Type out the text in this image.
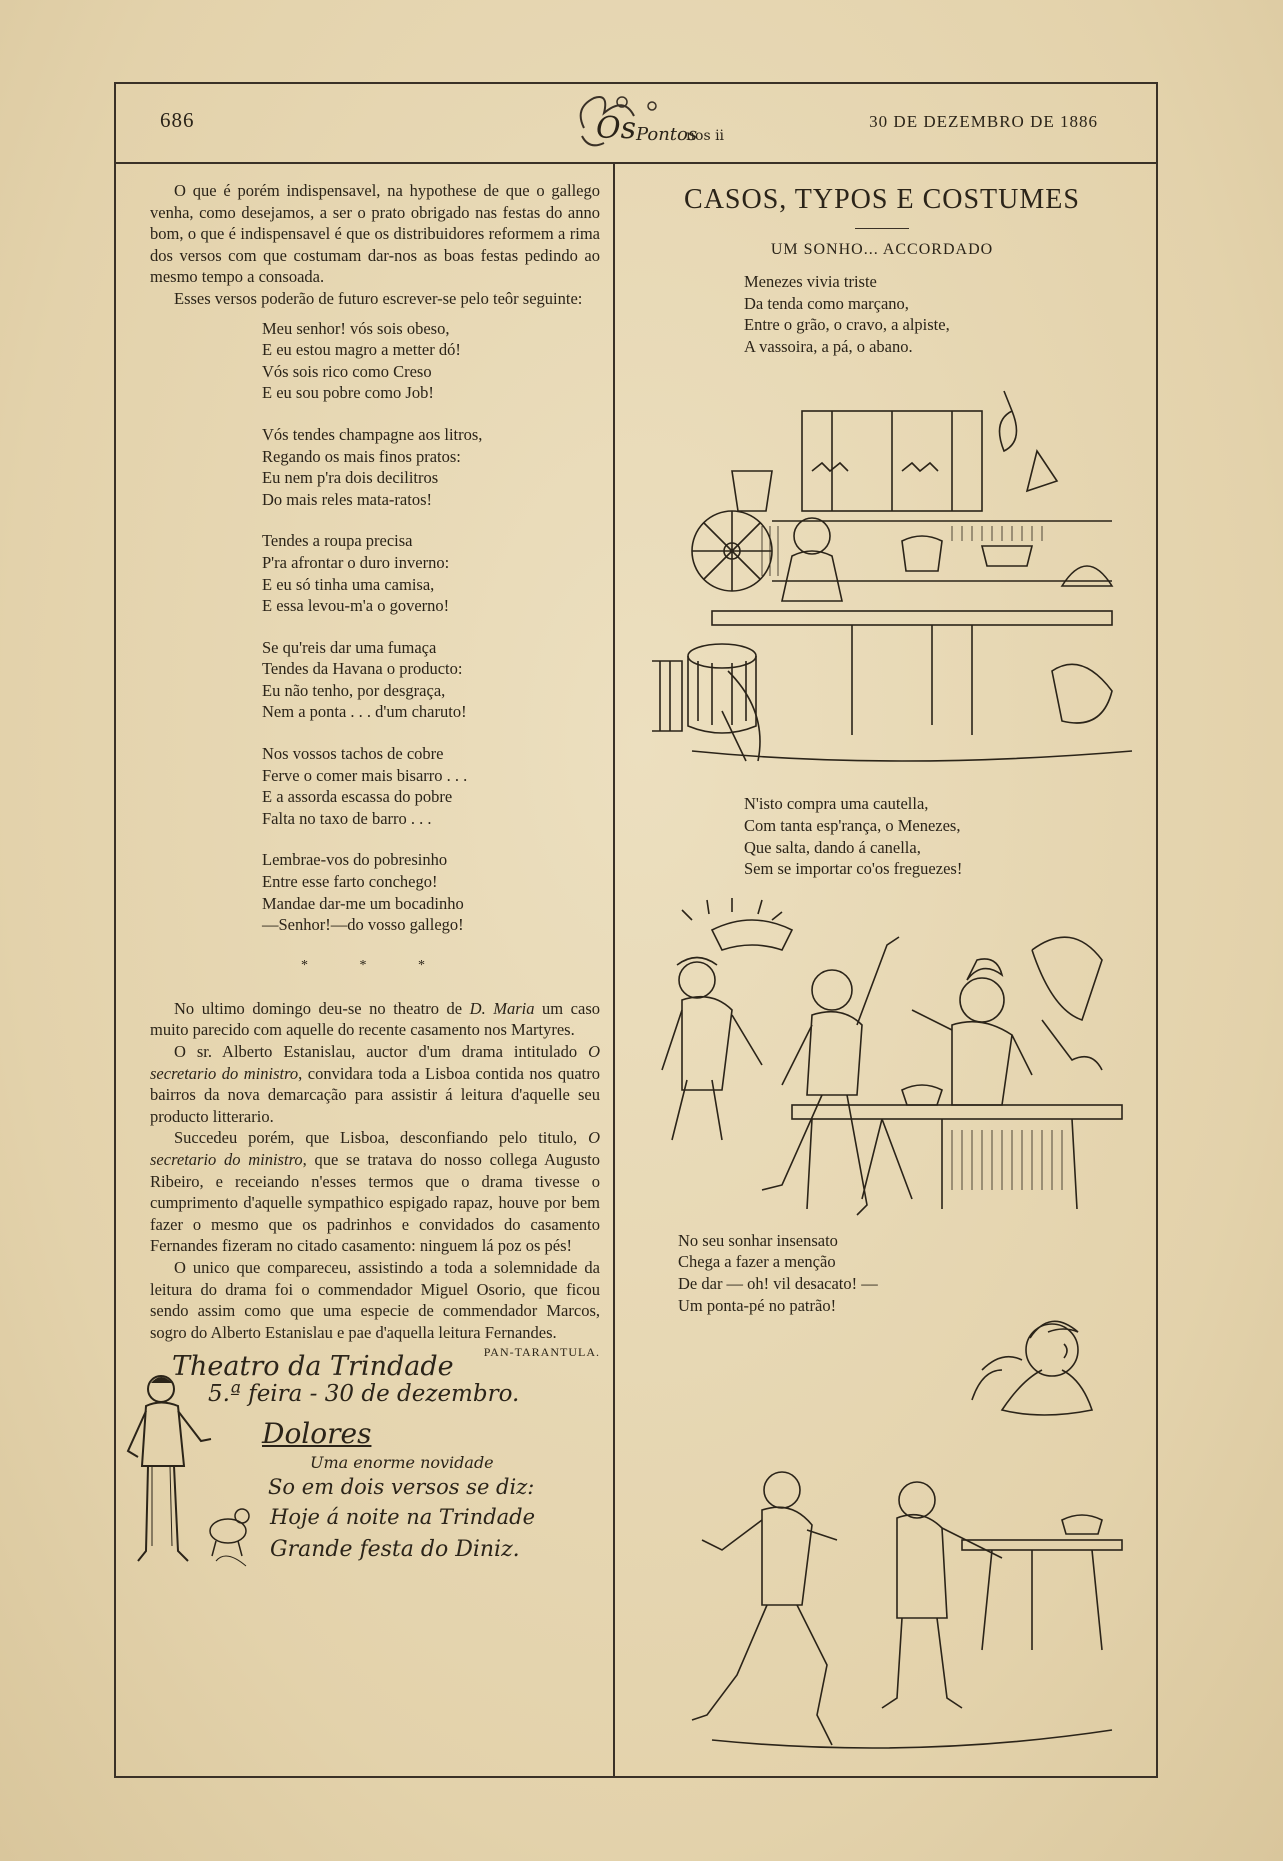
686	Os Pontos
nos ii
30 DE DEZEMBRO DE 1886

O que é porém indispensavel, na hypothese de que o gallego venha, como desejamos, a ser o prato obrigado nas festas do anno bom, o que é indispensavel é que os distribuidores reformem a rima dos versos com que costumam dar-nos as boas festas pedindo ao mesmo tempo a consoada.

Esses versos poderão de futuro escrever-se pelo teôr seguinte:

Meu senhor! vós sois obeso,
E eu estou magro a metter dó!
Vós sois rico como Creso
E eu sou pobre como Job!
Vós tendes champagne aos litros,
Regando os mais finos pratos:
Eu nem p'ra dois decilitros
Do mais reles mata-ratos!
Tendes a roupa precisa
P'ra afrontar o duro inverno:
E eu só tinha uma camisa,
E essa levou-m'a o governo!
Se qu'reis dar uma fumaça
Tendes da Havana o producto:
Eu não tenho, por desgraça,
Nem a ponta . . . d'um charuto!
Nos vossos tachos de cobre
Ferve o comer mais bisarro . . .
E a assorda escassa do pobre
Falta no taxo de barro . . .
Lembrae-vos do pobresinho
Entre esse farto conchego!
Mandae dar-me um bocadinho
—Senhor!—do vosso gallego!
* * *

No ultimo domingo deu-se no theatro de D. Maria um caso muito parecido com aquelle do recente casamento nos Martyres.

O sr. Alberto Estanislau, auctor d'um drama intitulado O secretario do ministro, convidara toda a Lisboa contida nos quatro bairros da nova demarcação para assistir á leitura d'aquelle seu producto litterario.

Succedeu porém, que Lisboa, desconfiando pelo titulo, O secretario do ministro, que se tratava do nosso collega Augusto Ribeiro, e receiando n'esses termos que o drama tivesse o cumprimento d'aquelle sympathico espigado rapaz, houve por bem fazer o mesmo que os padrinhos e convidados do casamento Fernandes fizeram no citado casamento: ninguem lá poz os pés!

O unico que compareceu, assistindo a toda a solemnidade da leitura do drama foi o commendador Miguel Osorio, que ficou sendo assim como que uma especie de commendador Marcos, sogro do Alberto Estanislau e pae d'aquella leitura Fernandes.

PAN-TARANTULA.
Theatro da Trindade
5.ª feira - 30 de dezembro.
Dolores
Uma enorme novidade
So em dois versos se diz:
Hoje á noite na Trindade
Grande festa do Diniz.
CASOS, TYPOS E COSTUMES
UM SONHO... ACCORDADO
Menezes vivia triste
Da tenda como marçano,
Entre o grão, o cravo, a alpiste,
A vassoira, a pá, o abano.
N'isto compra uma cautella,
Com tanta esp'rança, o Menezes,
Que salta, dando á canella,
Sem se importar co'os freguezes!
No seu sonhar insensato
Chega a fazer a menção
De dar — oh! vil desacato! —
Um ponta-pé no patrão!
